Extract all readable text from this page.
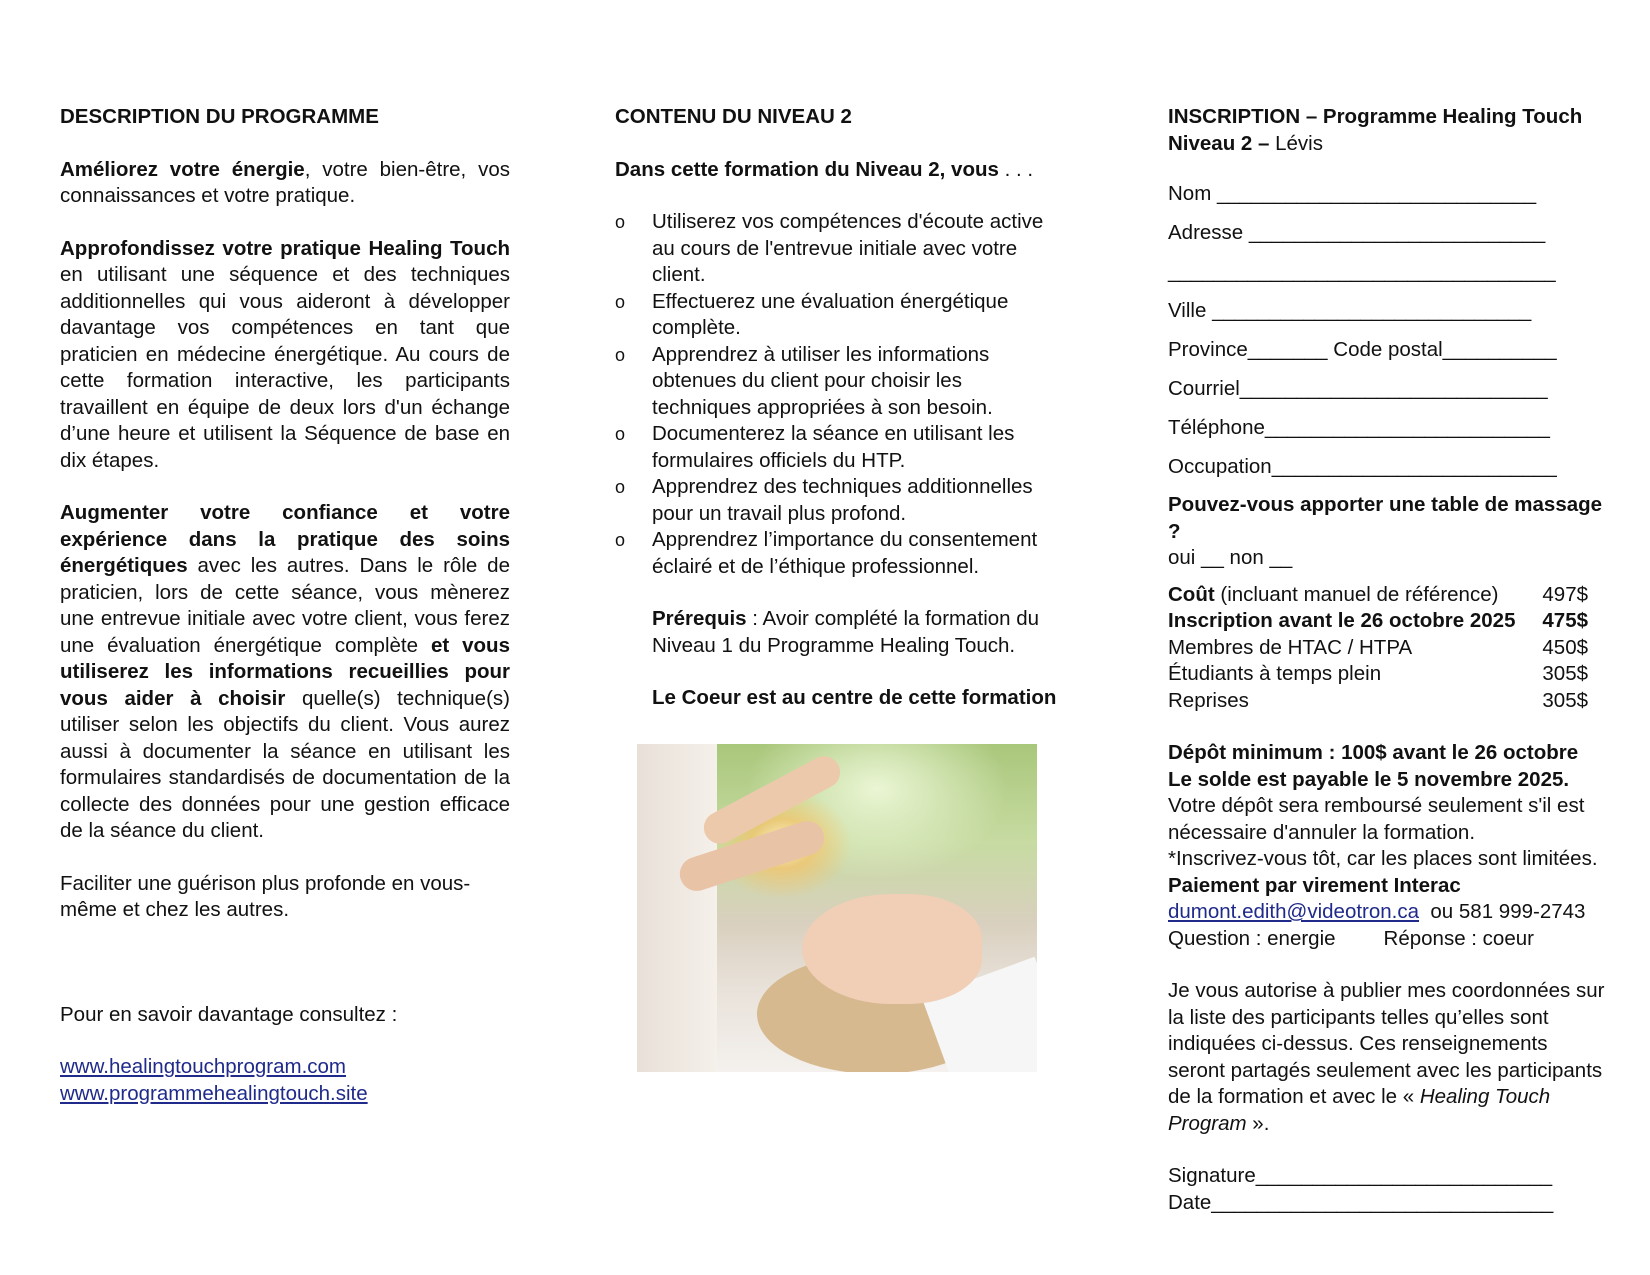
DESCRIPTION DU PROGRAMME

Améliorez votre énergie, votre bien-être, vos connaissances et votre pratique.

Approfondissez votre pratique Healing Touch en utilisant une séquence et des techniques additionnelles qui vous aideront à développer davantage vos compétences en tant que praticien en médecine énergétique. Au cours de cette formation interactive, les participants travaillent en équipe de deux lors d'un échange d’une heure et utilisent la Séquence de base en dix étapes.

Augmenter votre confiance et votre expérience dans la pratique des soins énergétiques avec les autres. Dans le rôle de praticien, lors de cette séance, vous mènerez une entrevue initiale avec votre client, vous ferez une évaluation énergétique complète et vous utiliserez les informations recueillies pour vous aider à choisir quelle(s) technique(s) utiliser selon les objectifs du client. Vous aurez aussi à documenter la séance en utilisant les formulaires standardisés de documentation de la collecte des données pour une gestion efficace de la séance du client.

Faciliter une guérison plus profonde en vous-même et chez les autres.

Pour en savoir davantage consultez :

www.healingtouchprogram.com

www.programmehealingtouch.site

CONTENU DU NIVEAU 2

Dans cette formation du Niveau 2, vous . . .

o Utiliserez vos compétences d'écoute active au cours de l'entrevue initiale avec votre client.
o Effectuerez une évaluation énergétique complète.
o Apprendrez à utiliser les informations obtenues du client pour choisir les techniques appropriées à son besoin.
o Documenterez la séance en utilisant les formulaires officiels du HTP.
o Apprendrez des techniques additionnelles pour un travail plus profond.
o Apprendrez l’importance du consentement éclairé et de l’éthique professionnel.

Prérequis : Avoir complété la formation du Niveau 1 du Programme Healing Touch.

Le Coeur est au centre de cette formation

INSCRIPTION – Programme Healing Touch

Niveau 2 – Lévis

Nom ____________________________
Adresse __________________________
__________________________________
Ville ____________________________
Province_______ Code postal__________
Courriel___________________________
Téléphone_________________________
Occupation_________________________

Pouvez-vous apporter une table de massage ?

oui __ non __

Coût (incluant manuel de référence) 497$
Inscription avant le 26 octobre 2025 475$
Membres de HTAC / HTPA	450$
Étudiants à temps plein	305$
Reprises	305$

Dépôt minimum : 100$ avant le 26 octobre

Le solde est payable le 5 novembre 2025. Votre dépôt sera remboursé seulement s'il est nécessaire d'annuler la formation.

*Inscrivez-vous tôt, car les places sont limitées.

Paiement par virement Interac

dumont.edith@videotron.ca  ou 581 999-2743

Question : energie Réponse : coeur

Je vous autorise à publier mes coordonnées sur la liste des participants telles qu’elles sont indiquées ci-dessus. Ces renseignements seront partagés seulement avec les participants de la formation et avec le « Healing Touch Program ».

Signature__________________________

Date______________________________
